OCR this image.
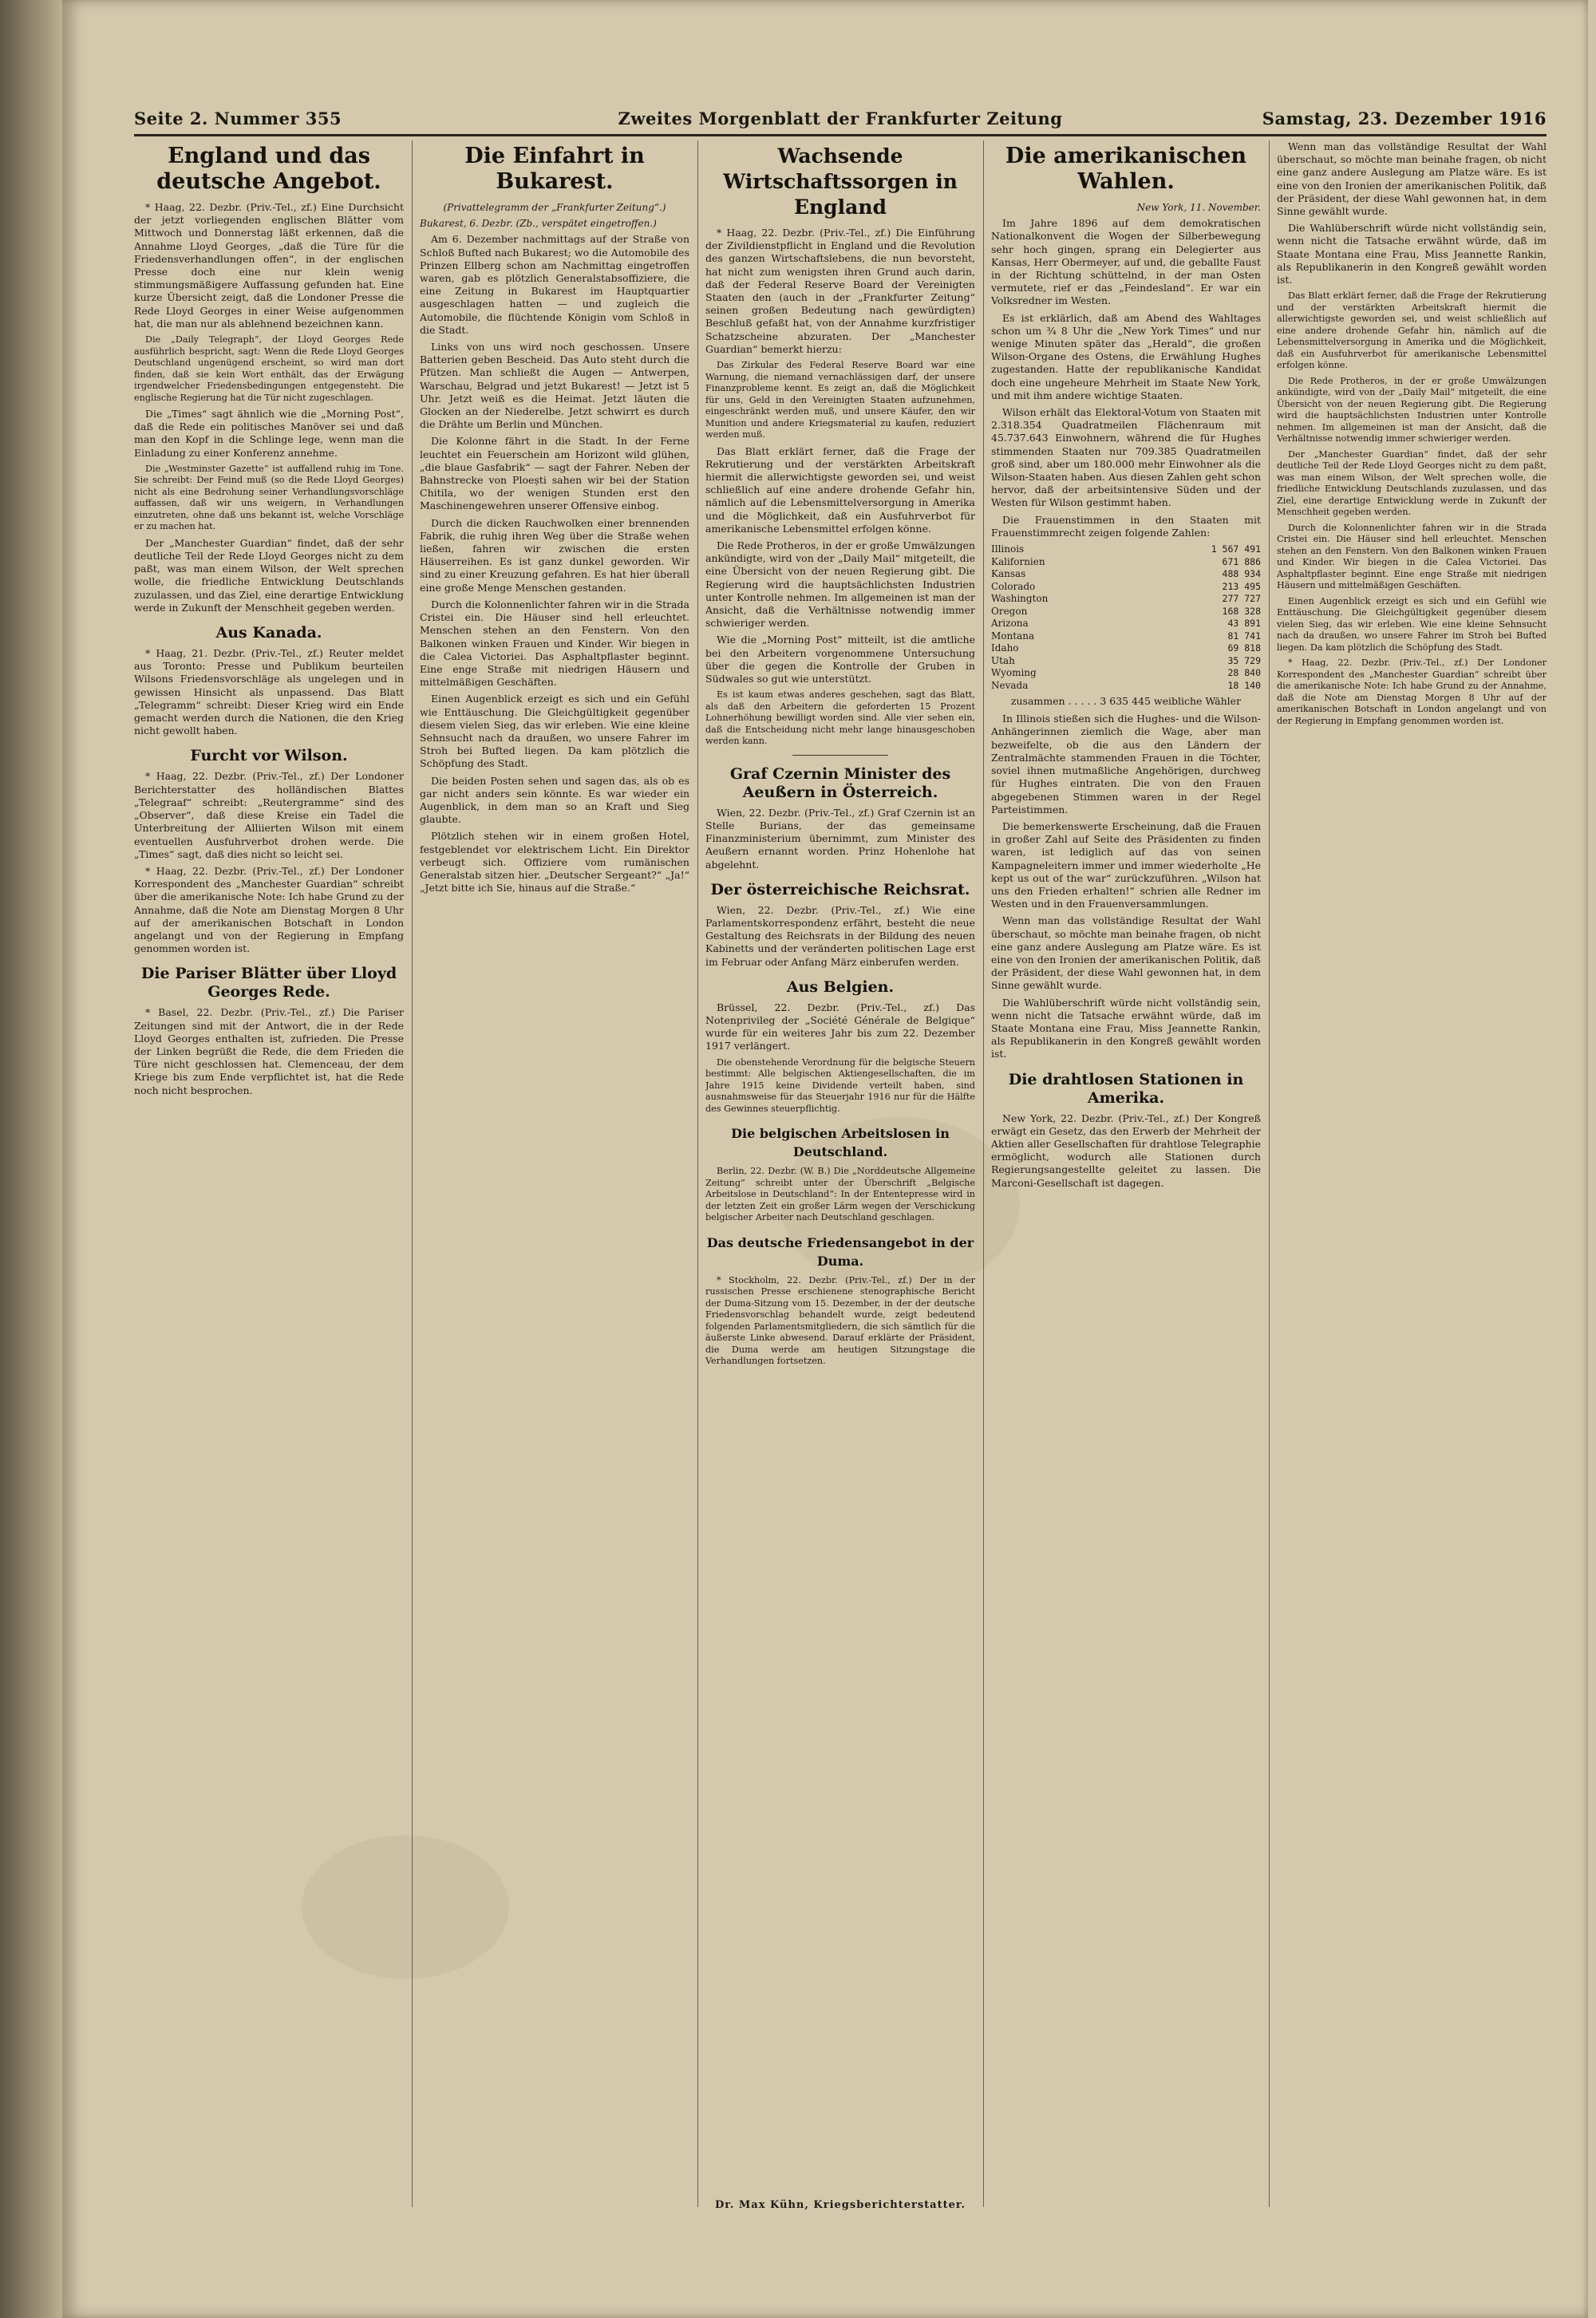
Seite 2. Nummer 355	Zweites Morgenblatt der Frankfurter Zeitung	Samstag, 23. Dezember 1916
England und das deutsche Angebot.

* Haag, 22. Dezbr. (Priv.-Tel., zf.) Eine Durchsicht der jetzt vorliegenden englischen Blätter vom Mittwoch und Donnerstag läßt erkennen, daß die Annahme Lloyd Georges, „daß die Türe für die Friedensverhandlungen offen“, in der englischen Presse doch eine nur klein wenig stimmungsmäßigere Auffassung gefunden hat. Eine kurze Übersicht zeigt, daß die Londoner Presse die Rede Lloyd Georges in einer Weise aufgenommen hat, die man nur als ablehnend bezeichnen kann.

Die „Daily Telegraph“, der Lloyd Georges Rede ausführlich bespricht, sagt: Wenn die Rede Lloyd Georges Deutschland ungenügend erscheint, so wird man dort finden, daß sie kein Wort enthält, das der Erwägung irgendwelcher Friedensbedingungen entgegensteht. Die englische Regierung hat die Tür nicht zugeschlagen.

Die „Times“ sagt ähnlich wie die „Morning Post“, daß die Rede ein politisches Manöver sei und daß man den Kopf in die Schlinge lege, wenn man die Einladung zu einer Konferenz annehme.

Die „Westminster Gazette“ ist auffallend ruhig im Tone. Sie schreibt: Der Feind muß (so die Rede Lloyd Georges) nicht als eine Bedrohung seiner Verhandlungsvorschläge auffassen, daß wir uns weigern, in Verhandlungen einzutreten, ohne daß uns bekannt ist, welche Vorschläge er zu machen hat.

Der „Manchester Guardian“ findet, daß der sehr deutliche Teil der Rede Lloyd Georges nicht zu dem paßt, was man einem Wilson, der Welt sprechen wolle, die friedliche Entwicklung Deutschlands zuzulassen, und das Ziel, eine derartige Entwicklung werde in Zukunft der Menschheit gegeben werden.

Aus Kanada.

* Haag, 21. Dezbr. (Priv.-Tel., zf.) Reuter meldet aus Toronto: Presse und Publikum beurteilen Wilsons Friedensvorschläge als ungelegen und in gewissen Hinsicht als unpassend. Das Blatt „Telegramm“ schreibt: Dieser Krieg wird ein Ende gemacht werden durch die Nationen, die den Krieg nicht gewollt haben.

Furcht vor Wilson.

* Haag, 22. Dezbr. (Priv.-Tel., zf.) Der Londoner Berichterstatter des holländischen Blattes „Telegraaf“ schreibt: „Reutergramme“ sind des „Observer“, daß diese Kreise ein Tadel die Unterbreitung der Alliierten Wilson mit einem eventuellen Ausfuhrverbot drohen werde. Die „Times“ sagt, daß dies nicht so leicht sei.

* Haag, 22. Dezbr. (Priv.-Tel., zf.) Der Londoner Korrespondent des „Manchester Guardian“ schreibt über die amerikanische Note: Ich habe Grund zu der Annahme, daß die Note am Dienstag Morgen 8 Uhr auf der amerikanischen Botschaft in London angelangt und von der Regierung in Empfang genommen worden ist.

Die Pariser Blätter über Lloyd Georges Rede.

* Basel, 22. Dezbr. (Priv.-Tel., zf.) Die Pariser Zeitungen sind mit der Antwort, die in der Rede Lloyd Georges enthalten ist, zufrieden. Die Presse der Linken begrüßt die Rede, die dem Frieden die Türe nicht geschlossen hat. Clemenceau, der dem Kriege bis zum Ende verpflichtet ist, hat die Rede noch nicht besprochen.

Die Einfahrt in Bukarest.
(Privattelegramm der „Frankfurter Zeitung“.)
Bukarest, 6. Dezbr. (Zb., verspätet eingetroffen.)

Am 6. Dezember nachmittags auf der Straße von Schloß Bufted nach Bukarest; wo die Automobile des Prinzen Ellberg schon am Nachmittag eingetroffen waren, gab es plötzlich Generalstabsoffiziere, die eine Zeitung in Bukarest im Hauptquartier ausgeschlagen hatten — und zugleich die Automobile, die flüchtende Königin vom Schloß in die Stadt.

Links von uns wird noch geschossen. Unsere Batterien geben Bescheid. Das Auto steht durch die Pfützen. Man schließt die Augen — Antwerpen, Warschau, Belgrad und jetzt Bukarest! — Jetzt ist 5 Uhr. Jetzt weiß es die Heimat. Jetzt läuten die Glocken an der Niederelbe. Jetzt schwirrt es durch die Drähte um Berlin und München.

Die Kolonne fährt in die Stadt. In der Ferne leuchtet ein Feuerschein am Horizont wild glühen, „die blaue Gasfabrik“ — sagt der Fahrer. Neben der Bahnstrecke von Ploești sahen wir bei der Station Chitila, wo der wenigen Stunden erst den Maschinengewehren unserer Offensive einbog.

Durch die dicken Rauchwolken einer brennenden Fabrik, die ruhig ihren Weg über die Straße wehen ließen, fahren wir zwischen die ersten Häuserreihen. Es ist ganz dunkel geworden. Wir sind zu einer Kreuzung gefahren. Es hat hier überall eine große Menge Menschen gestanden.

Durch die Kolonnenlichter fahren wir in die Strada Cristei ein. Die Häuser sind hell erleuchtet. Menschen stehen an den Fenstern. Von den Balkonen winken Frauen und Kinder. Wir biegen in die Calea Victoriei. Das Asphaltpflaster beginnt. Eine enge Straße mit niedrigen Häusern und mittelmäßigen Geschäften.

Einen Augenblick erzeigt es sich und ein Gefühl wie Enttäuschung. Die Gleichgültigkeit gegenüber diesem vielen Sieg, das wir erleben. Wie eine kleine Sehnsucht nach da draußen, wo unsere Fahrer im Stroh bei Bufted liegen. Da kam plötzlich die Schöpfung des Stadt.

Die beiden Posten sehen und sagen das, als ob es gar nicht anders sein könnte. Es war wieder ein Augenblick, in dem man so an Kraft und Sieg glaubte.

Plötzlich stehen wir in einem großen Hotel, festgeblendet vor elektrischem Licht. Ein Direktor verbeugt sich. Offiziere vom rumänischen Generalstab sitzen hier. „Deutscher Sergeant?“ „Ja!“ „Jetzt bitte ich Sie, hinaus auf die Straße.“

Wachsende Wirtschaftssorgen in England

* Haag, 22. Dezbr. (Priv.-Tel., zf.) Die Einführung der Zivildienstpflicht in England und die Revolution des ganzen Wirtschaftslebens, die nun bevorsteht, hat nicht zum wenigsten ihren Grund auch darin, daß der Federal Reserve Board der Vereinigten Staaten den (auch in der „Frankfurter Zeitung“ seinen großen Bedeutung nach gewürdigten) Beschluß gefaßt hat, von der Annahme kurzfristiger Schatzscheine abzuraten. Der „Manchester Guardian“ bemerkt hierzu:

Das Zirkular des Federal Reserve Board war eine Warnung, die niemand vernachlässigen darf, der unsere Finanzprobleme kennt. Es zeigt an, daß die Möglichkeit für uns, Geld in den Vereinigten Staaten aufzunehmen, eingeschränkt werden muß, und unsere Käufer, den wir Munition und andere Kriegsmaterial zu kaufen, reduziert werden muß.

Das Blatt erklärt ferner, daß die Frage der Rekrutierung und der verstärkten Arbeitskraft hiermit die allerwichtigste geworden sei, und weist schließlich auf eine andere drohende Gefahr hin, nämlich auf die Lebensmittelversorgung in Amerika und die Möglichkeit, daß ein Ausfuhrverbot für amerikanische Lebensmittel erfolgen könne.

Die Rede Protheros, in der er große Umwälzungen ankündigte, wird von der „Daily Mail“ mitgeteilt, die eine Übersicht von der neuen Regierung gibt. Die Regierung wird die hauptsächlichsten Industrien unter Kontrolle nehmen. Im allgemeinen ist man der Ansicht, daß die Verhältnisse notwendig immer schwieriger werden.

Wie die „Morning Post“ mitteilt, ist die amtliche bei den Arbeitern vorgenommene Untersuchung über die gegen die Kontrolle der Gruben in Südwales so gut wie unterstützt.

Es ist kaum etwas anderes geschehen, sagt das Blatt, als daß den Arbeitern die geforderten 15 Prozent Lohnerhöhung bewilligt worden sind. Alle vier sehen ein, daß die Entscheidung nicht mehr lange hinausgeschoben werden kann.

Graf Czernin Minister des Aeußern in Österreich.

Wien, 22. Dezbr. (Priv.-Tel., zf.) Graf Czernin ist an Stelle Burians, der das gemeinsame Finanzministerium übernimmt, zum Minister des Aeußern ernannt worden. Prinz Hohenlohe hat abgelehnt.

Der österreichische Reichsrat.

Wien, 22. Dezbr. (Priv.-Tel., zf.) Wie eine Parlamentskorrespondenz erfährt, besteht die neue Gestaltung des Reichsrats in der Bildung des neuen Kabinetts und der veränderten politischen Lage erst im Februar oder Anfang März einberufen werden.

Aus Belgien.

Brüssel, 22. Dezbr. (Priv.-Tel., zf.) Das Notenprivileg der „Société Générale de Belgique“ wurde für ein weiteres Jahr bis zum 22. Dezember 1917 verlängert.

Die obenstehende Verordnung für die belgische Steuern bestimmt: Alle belgischen Aktiengesellschaften, die im Jahre 1915 keine Dividende verteilt haben, sind ausnahmsweise für das Steuerjahr 1916 nur für die Hälfte des Gewinnes steuerpflichtig.

Die belgischen Arbeitslosen in Deutschland.

Berlin, 22. Dezbr. (W. B.) Die „Norddeutsche Allgemeine Zeitung“ schreibt unter der Überschrift „Belgische Arbeitslose in Deutschland“: In der Ententepresse wird in der letzten Zeit ein großer Lärm wegen der Verschickung belgischer Arbeiter nach Deutschland geschlagen.

Das deutsche Friedensangebot in der Duma.

* Stockholm, 22. Dezbr. (Priv.-Tel., zf.) Der in der russischen Presse erschienene stenographische Bericht der Duma-Sitzung vom 15. Dezember, in der der deutsche Friedensvorschlag behandelt wurde, zeigt bedeutend folgenden Parlamentsmitgliedern, die sich sämtlich für die äußerste Linke abwesend. Darauf erklärte der Präsident, die Duma werde am heutigen Sitzungstage die Verhandlungen fortsetzen.

Die amerikanischen Wahlen.
New York, 11. November.

Im Jahre 1896 auf dem demokratischen Nationalkonvent die Wogen der Silberbewegung sehr hoch gingen, sprang ein Delegierter aus Kansas, Herr Obermeyer, auf und, die geballte Faust in der Richtung schüttelnd, in der man Osten vermutete, rief er das „Feindesland“. Er war ein Volksredner im Westen.

Es ist erklärlich, daß am Abend des Wahltages schon um ¾ 8 Uhr die „New York Times“ und nur wenige Minuten später das „Herald“, die großen Wilson-Organe des Ostens, die Erwählung Hughes zugestanden. Hatte der republikanische Kandidat doch eine ungeheure Mehrheit im Staate New York, und mit ihm andere wichtige Staaten.

Wilson erhält das Elektoral-Votum von Staaten mit 2.318.354 Quadratmeilen Flächenraum mit 45.737.643 Einwohnern, während die für Hughes stimmenden Staaten nur 709.385 Quadratmeilen groß sind, aber um 180.000 mehr Einwohner als die Wilson-Staaten haben. Aus diesen Zahlen geht schon hervor, daß der arbeitsintensive Süden und der Westen für Wilson gestimmt haben.

Die Frauenstimmen in den Staaten mit Frauenstimmrecht zeigen folgende Zahlen:

Illinois	1 567 491
Kalifornien	671 886
Kansas	488 934
Colorado	213 495
Washington	277 727
Oregon	168 328
Arizona	43 891
Montana	81 741
Idaho	69 818
Utah	35 729
Wyoming	28 840
Nevada	18 140
zusammen . . . . . 3 635 445 weibliche Wähler

In Illinois stießen sich die Hughes- und die Wilson-Anhängerinnen ziemlich die Wage, aber man bezweifelte, ob die aus den Ländern der Zentralmächte stammenden Frauen in die Töchter, soviel ihnen mutmaßliche Angehörigen, durchweg für Hughes eintraten. Die von den Frauen abgegebenen Stimmen waren in der Regel Parteistimmen.

Die bemerkenswerte Erscheinung, daß die Frauen in großer Zahl auf Seite des Präsidenten zu finden waren, ist lediglich auf das von seinen Kampagneleitern immer und immer wiederholte „He kept us out of the war“ zurückzuführen. „Wilson hat uns den Frieden erhalten!“ schrien alle Redner im Westen und in den Frauenversammlungen.

Wenn man das vollständige Resultat der Wahl überschaut, so möchte man beinahe fragen, ob nicht eine ganz andere Auslegung am Platze wäre. Es ist eine von den Ironien der amerikanischen Politik, daß der Präsident, der diese Wahl gewonnen hat, in dem Sinne gewählt wurde.

Die Wahlüberschrift würde nicht vollständig sein, wenn nicht die Tatsache erwähnt würde, daß im Staate Montana eine Frau, Miss Jeannette Rankin, als Republikanerin in den Kongreß gewählt worden ist.

Die drahtlosen Stationen in Amerika.

New York, 22. Dezbr. (Priv.-Tel., zf.) Der Kongreß erwägt ein Gesetz, das den Erwerb der Mehrheit der Aktien aller Gesellschaften für drahtlose Telegraphie ermöglicht, wodurch alle Stationen durch Regierungsangestellte geleitet zu lassen. Die Marconi-Gesellschaft ist dagegen.

Wenn man das vollständige Resultat der Wahl überschaut, so möchte man beinahe fragen, ob nicht eine ganz andere Auslegung am Platze wäre. Es ist eine von den Ironien der amerikanischen Politik, daß der Präsident, der diese Wahl gewonnen hat, in dem Sinne gewählt wurde.

Die Wahlüberschrift würde nicht vollständig sein, wenn nicht die Tatsache erwähnt würde, daß im Staate Montana eine Frau, Miss Jeannette Rankin, als Republikanerin in den Kongreß gewählt worden ist.

Das Blatt erklärt ferner, daß die Frage der Rekrutierung und der verstärkten Arbeitskraft hiermit die allerwichtigste geworden sei, und weist schließlich auf eine andere drohende Gefahr hin, nämlich auf die Lebensmittelversorgung in Amerika und die Möglichkeit, daß ein Ausfuhrverbot für amerikanische Lebensmittel erfolgen könne.

Die Rede Protheros, in der er große Umwälzungen ankündigte, wird von der „Daily Mail“ mitgeteilt, die eine Übersicht von der neuen Regierung gibt. Die Regierung wird die hauptsächlichsten Industrien unter Kontrolle nehmen. Im allgemeinen ist man der Ansicht, daß die Verhältnisse notwendig immer schwieriger werden.

Der „Manchester Guardian“ findet, daß der sehr deutliche Teil der Rede Lloyd Georges nicht zu dem paßt, was man einem Wilson, der Welt sprechen wolle, die friedliche Entwicklung Deutschlands zuzulassen, und das Ziel, eine derartige Entwicklung werde in Zukunft der Menschheit gegeben werden.

Durch die Kolonnenlichter fahren wir in die Strada Cristei ein. Die Häuser sind hell erleuchtet. Menschen stehen an den Fenstern. Von den Balkonen winken Frauen und Kinder. Wir biegen in die Calea Victoriei. Das Asphaltpflaster beginnt. Eine enge Straße mit niedrigen Häusern und mittelmäßigen Geschäften.

Einen Augenblick erzeigt es sich und ein Gefühl wie Enttäuschung. Die Gleichgültigkeit gegenüber diesem vielen Sieg, das wir erleben. Wie eine kleine Sehnsucht nach da draußen, wo unsere Fahrer im Stroh bei Bufted liegen. Da kam plötzlich die Schöpfung des Stadt.

* Haag, 22. Dezbr. (Priv.-Tel., zf.) Der Londoner Korrespondent des „Manchester Guardian“ schreibt über die amerikanische Note: Ich habe Grund zu der Annahme, daß die Note am Dienstag Morgen 8 Uhr auf der amerikanischen Botschaft in London angelangt und von der Regierung in Empfang genommen worden ist.

Dr. Max Kühn, Kriegsberichterstatter.
